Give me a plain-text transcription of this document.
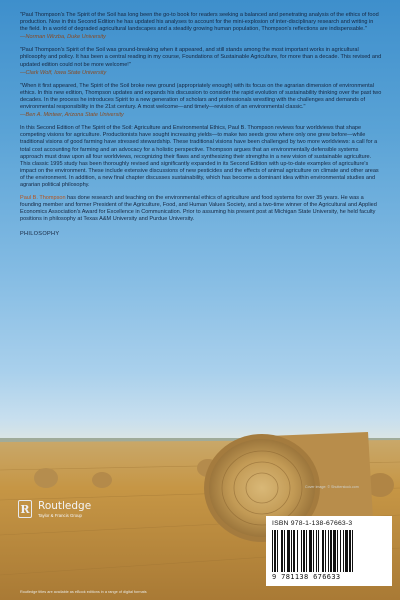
"Paul Thompson's The Spirit of the Soil has long been the go-to book for readers seeking a balanced and penetrating analysis of the ethics of food production. Now in this Second Edition he has updated his analyses to account for the mini-explosion of inter-disciplinary research and writing in the field. In a world of degraded agricultural landscapes and a steadily growing human population, Thompson's reflections are indispensable."
—Norman Wirzba, Duke University

"Paul Thompson's Spirit of the Soil was ground-breaking when it appeared, and still stands among the most important works in agricultural philosophy and policy. It has been a central reading in my course, Foundations of Sustainable Agriculture, for more than a decade. This revised and updated edition could not be more welcome!"
—Clark Wolf, Iowa State University

"When it first appeared, The Spirit of the Soil broke new ground (appropriately enough) with its focus on the agrarian dimension of environmental ethics. In this new edition, Thompson updates and expands his discussion to consider the rapid evolution of sustainability thinking over the past two decades. In the process he introduces Spirit to a new generation of scholars and professionals wrestling with the challenges and demands of environmental responsibility in the 21st century. A most welcome—and timely—revision of an environmental classic."
—Ben A. Minteer, Arizona State University

In this Second Edition of The Spirit of the Soil: Agriculture and Environmental Ethics, Paul B. Thompson reviews four worldviews that shape competing visions for agriculture. Productionists have sought increasing yields—to make two seeds grow where only one grew before—while traditional visions of good farming have stressed stewardship. These traditional visions have been challenged by two more worldviews: a call for a total cost accounting for farming and an advocacy for a holistic perspective. Thompson argues that an environmentally defensible systems approach must draw upon all four worldviews, recognizing their flaws and synthesizing their strengths in a new vision of sustainable agriculture. This classic 1995 study has been thoroughly revised and significantly expanded in its Second Edition with up-to-date examples of agriculture's impact on the environment. These include extensive discussions of new pesticides and the effects of animal agriculture on climate and other areas of the environment. In addition, a new final chapter discusses sustainability, which has become a dominant idea within environmental studies and agrarian political philosophy.

Paul B. Thompson has done research and teaching on the environmental ethics of agriculture and food systems for over 35 years. He was a founding member and former President of the Agriculture, Food, and Human Values Society, and a two-time winner of the Agricultural and Applied Economics Association's Award for Excellence in Communication. Prior to assuming his present post at Michigan State University, he held faculty positions in philosophy at Texas A&M University and Purdue University.

PHILOSOPHY
Cover image: © Shutterstock.com
R Routledge
Taylor & Francis Group
ISBN 978-1-138-67663-3
9 781138 676633
Routledge titles are available as eBook editions in a range of digital formats
